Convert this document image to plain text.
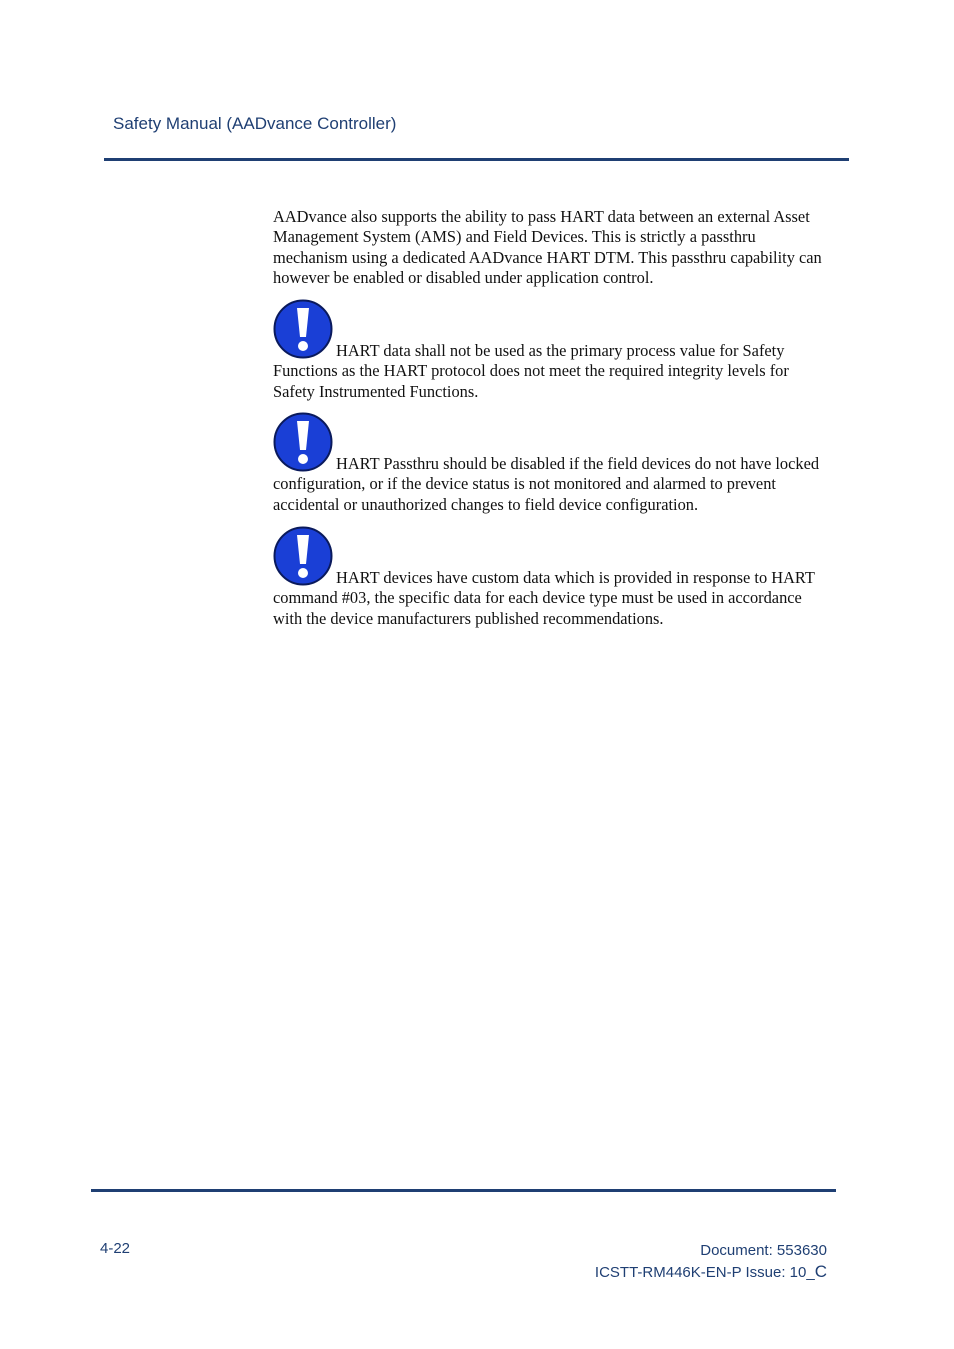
Safety Manual (AADvance Controller)

AADvance also supports the ability to pass HART data between an external Asset Management System (AMS) and Field Devices. This is strictly a passthru mechanism using a dedicated AADvance HART DTM. This passthru capability can however be enabled or disabled under application control.

HART data shall not be used as the primary process value for Safety Functions as the HART protocol does not meet the required integrity levels for Safety Instrumented Functions.
HART Passthru should be disabled if the field devices do not have locked configuration, or if the device status is not monitored and alarmed to prevent accidental or unauthorized changes to field device configuration.
HART devices have custom data which is provided in response to HART command #03, the specific data for each device type must be used in accordance with the device manufacturers published recommendations.
4-22	Document: 553630
ICSTT-RM446K-EN-P Issue: 10_C
